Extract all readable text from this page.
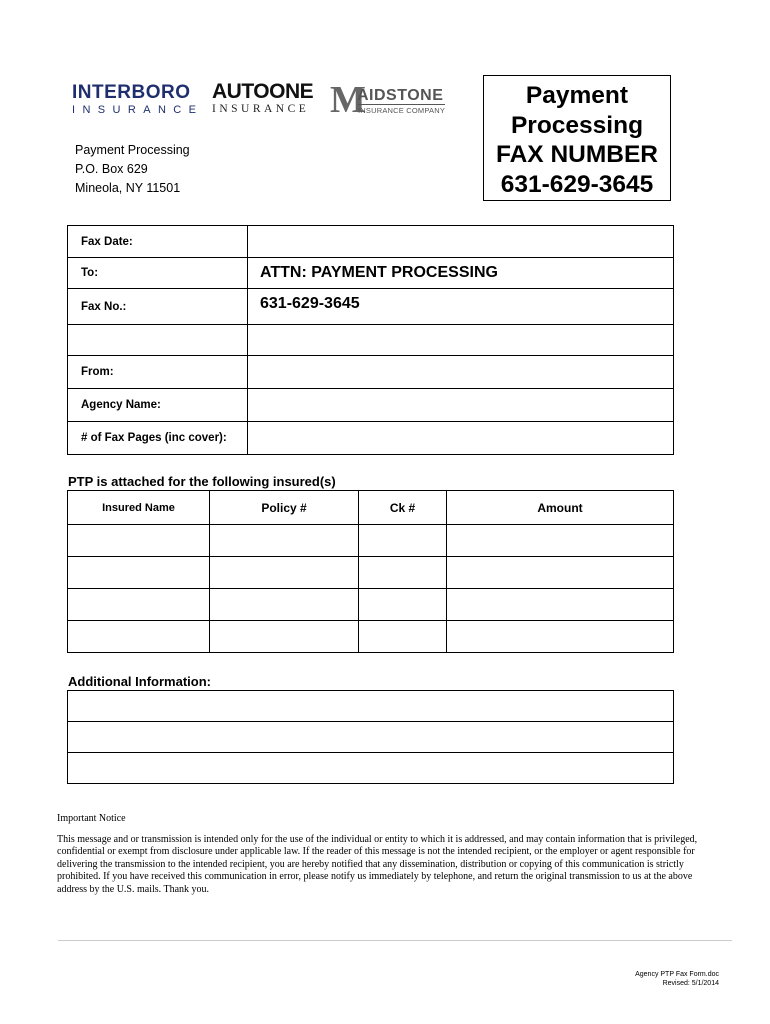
INTERBORO
INSURANCE
AUTOONE
INSURANCE M
AIDSTONE
INSURANCE COMPANY
Payment Processing
P.O. Box 629
Mineola, NY 11501
Payment
Processing
FAX NUMBER
631-629-3645
Fax Date:	
To:	ATTN: PAYMENT PROCESSING
Fax No.:	631-629-3645

From:	
Agency Name:	
# of Fax Pages (inc cover):	
PTP is attached for the following insured(s)
Insured Name	Policy #	Ck #	Amount

Additional Information:

Important Notice
This message and or transmission is intended only for the use of the individual or entity to which it is addressed, and may contain information that is privileged, confidential or exempt from disclosure under applicable law. If the reader of this message is not the intended recipient, or the employer or agent responsible for delivering the transmission to the intended recipient, you are hereby notified that any dissemination, distribution or copying of this communication is strictly prohibited. If you have received this communication in error, please notify us immediately by telephone, and return the original transmission to us at the above address by the U.S. mails. Thank you.
Agency PTP Fax Form.doc
Revised: 5/1/2014
